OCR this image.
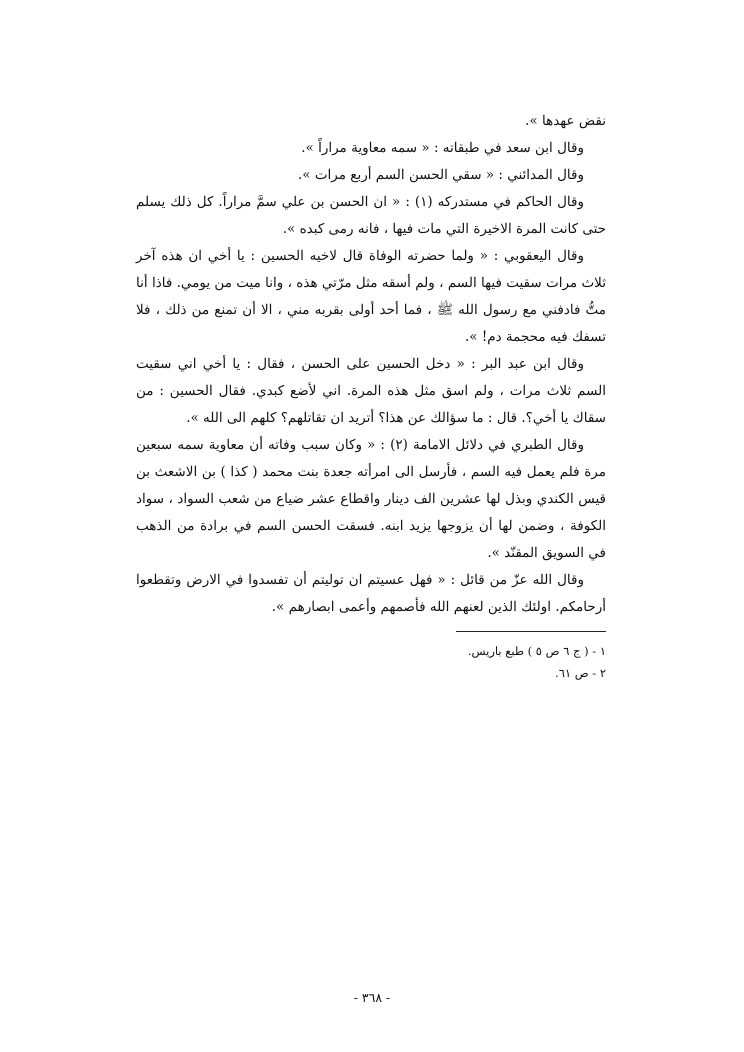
نقض عهدها ».

وقال ابن سعد في طبقاته : « سمه معاوية مراراً ».

وقال المدائني : « سقي الحسن السم أربع مرات ».

وقال الحاكم في مستدركه (١) : « ان الحسن بن علي سمَّ مراراً. كل ذلك يسلم حتى كانت المرة الاخيرة التي مات فيها ، فانه رمى كبده ».

وقال اليعقوبي : « ولما حضرته الوفاة قال لاخيه الحسين : يا أخي ان هذه آخر ثلاث مرات سقيت فيها السم ، ولم أسقه مثل مرّتي هذه ، وانا ميت من يومي. فاذا أنا متُّ فادفني مع رسول الله ﷺ ، فما أحد أولى بقربه مني ، الا أن تمنع من ذلك ، فلا تسفك فيه محجمة دم! ».

وقال ابن عبد البر : « دخل الحسين على الحسن ، فقال : يا أخي اني سقيت السم ثلاث مرات ، ولم اسق مثل هذه المرة. اني لأضع كبدي. فقال الحسين : من سقاك يا أخي؟. قال : ما سؤالك عن هذا؟ أتريد ان تقاتلهم؟ كلهم الى الله ».

وقال الطبري في دلائل الامامة (٢) : « وكان سبب وفاته أن معاوية سمه سبعين مرة فلم يعمل فيه السم ، فأرسل الى امرأته جعدة بنت محمد ( كذا ) بن الاشعث بن قيس الكندي وبذل لها عشرين الف دينار واقطاع عشر ضياع من شعب السواد ، سواد الكوفة ، وضمن لها أن يزوجها يزيد ابنه. فسقت الحسن السم في برادة من الذهب في السويق المقنّد ».

وقال الله عزّ من قائل : « فهل عسيتم ان توليتم أن تفسدوا في الارض وتقطعوا أرحامكم. اولئك الذين لعنهم الله فأصمهم وأعمى ابصارهم ».

١ - ( ج ٦ ص ٥ ) طبع باريس.

٢ - ص ٦١.

- ٣٦٨ -
